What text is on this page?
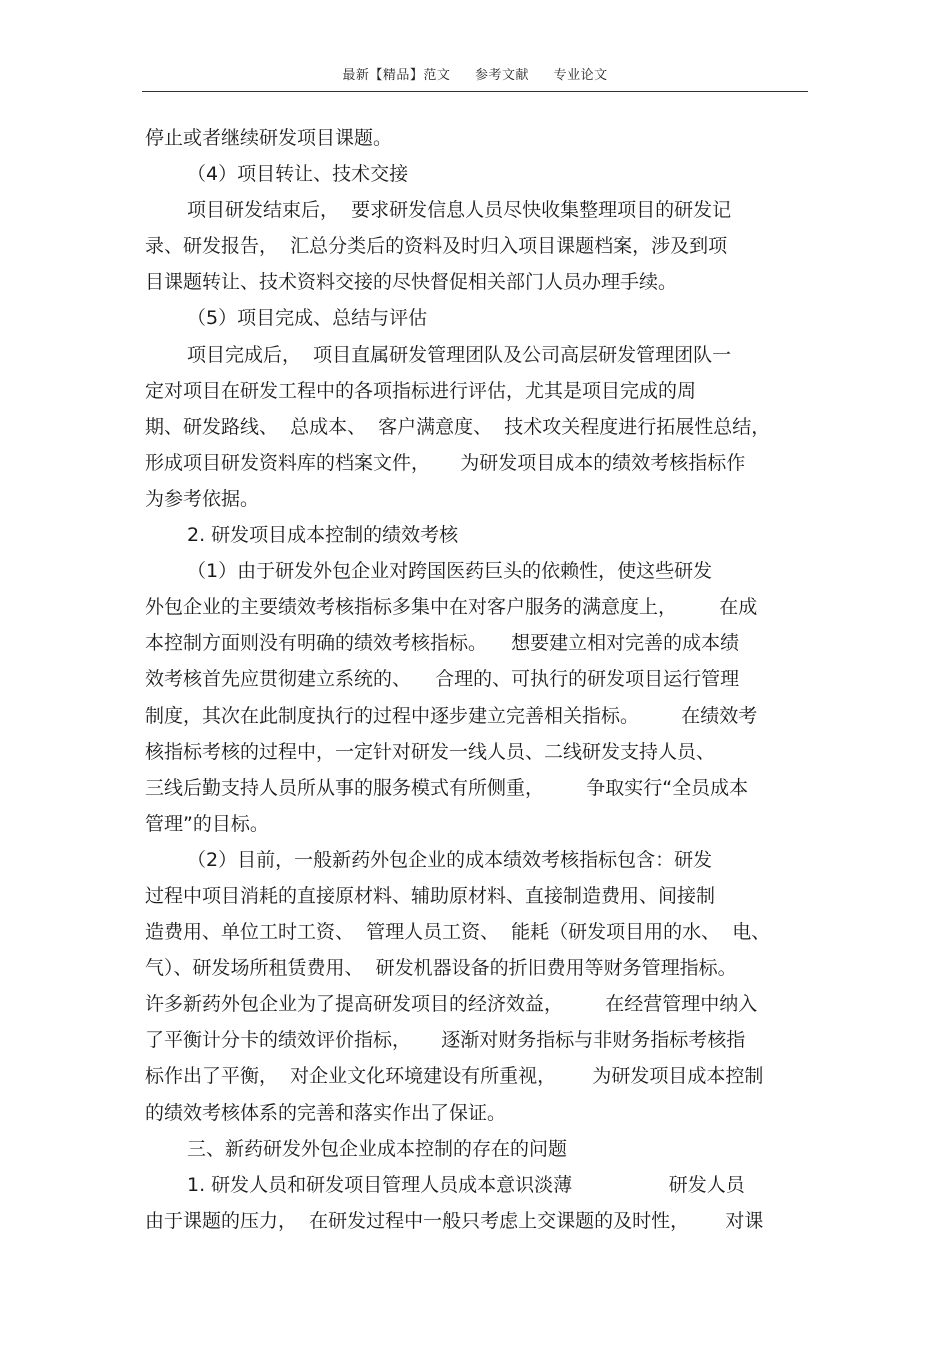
最新【精品】范文 参考文献 专业论文
停止或者继续研发项目课题。
（4）项目转让、技术交接
项目研发结束后，  要求研发信息人员尽快收集整理项目的研发记
录、研发报告，  汇总分类后的资料及时归入项目课题档案，涉及到项
目课题转让、技术资料交接的尽快督促相关部门人员办理手续。
（5）项目完成、总结与评估
项目完成后，  项目直属研发管理团队及公司高层研发管理团队一
定对项目在研发工程中的各项指标进行评估，尤其是项目完成的周
期、研发路线、  总成本、  客户满意度、  技术攻关程度进行拓展性总结，
形成项目研发资料库的档案文件，     为研发项目成本的绩效考核指标作
为参考依据。
2. 研发项目成本控制的绩效考核
（1）由于研发外包企业对跨国医药巨头的依赖性，使这些研发
外包企业的主要绩效考核指标多集中在对客户服务的满意度上，       在成
本控制方面则没有明确的绩效考核指标。    想要建立相对完善的成本绩
效考核首先应贯彻建立系统的、    合理的、可执行的研发项目运行管理
制度，其次在此制度执行的过程中逐步建立完善相关指标。       在绩效考
核指标考核的过程中，一定针对研发一线人员、二线研发支持人员、
三线后勤支持人员所从事的服务模式有所侧重，       争取实行“全员成本
管理”的目标。
（2）目前，一般新药外包企业的成本绩效考核指标包含：研发
过程中项目消耗的直接原材料、辅助原材料、直接制造费用、间接制
造费用、单位工时工资、  管理人员工资、  能耗（研发项目用的水、  电、
气）、研发场所租赁费用、  研发机器设备的折旧费用等财务管理指标。
许多新药外包企业为了提高研发项目的经济效益，       在经营管理中纳入
了平衡计分卡的绩效评价指标，     逐渐对财务指标与非财务指标考核指
标作出了平衡，  对企业文化环境建设有所重视，      为研发项目成本控制
的绩效考核体系的完善和落实作出了保证。
三、新药研发外包企业成本控制的存在的问题
1. 研发人员和研发项目管理人员成本意识淡薄                研发人员
由于课题的压力，  在研发过程中一般只考虑上交课题的及时性，      对课
